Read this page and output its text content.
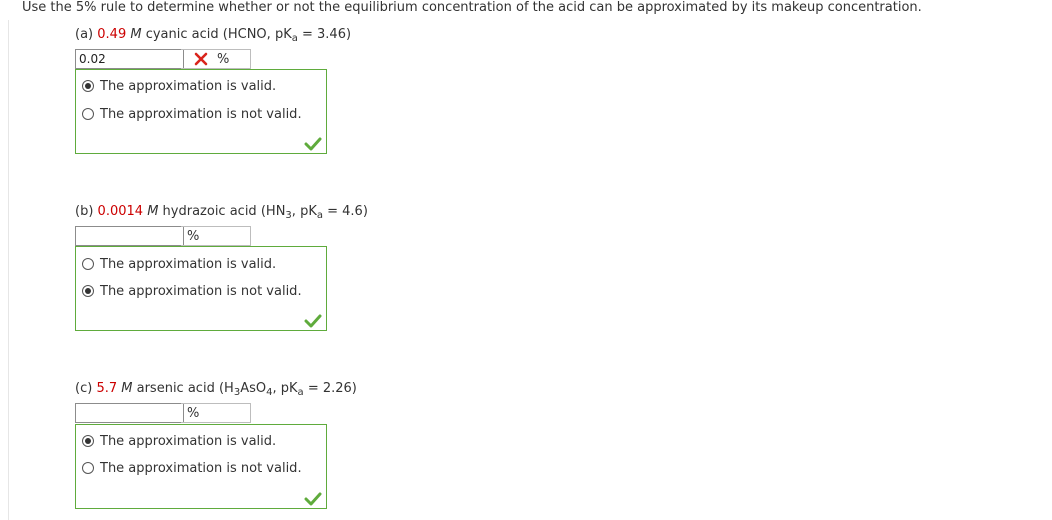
Use the 5% rule to determine whether or not the equilibrium concentration of the acid can be approximated by its makeup concentration.
(a) 0.49 M cyanic acid (HCNO, $pK_a = 3.46$)
0.02
%
The approximation is valid.
The approximation is not valid.
(b) 0.0014 M hydrazoic acid ($HN_3$, $pK_a = 4.6$)
%
The approximation is valid.
The approximation is not valid.
(c) 5.7 M arsenic acid ($H_3AsO_4$, $pK_a = 2.26$)
%
The approximation is valid.
The approximation is not valid.
